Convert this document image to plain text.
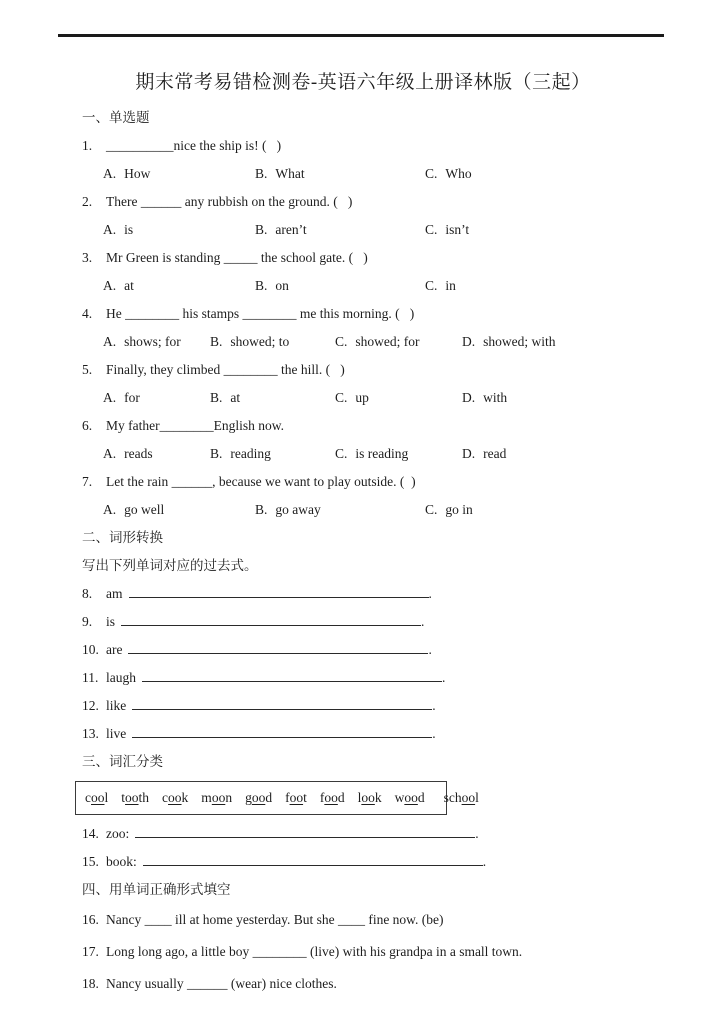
期末常考易错检测卷-英语六年级上册译林版（三起）
一、单选题
1. __________nice the ship is! (   )
A. How	B. What	C. Who
2. There ______ any rubbish on the ground. (   )
A. is	B. aren’t	C. isn’t
3. Mr Green is standing _____ the school gate. (   )
A. at	B. on	C. in
4. He ________ his stamps ________ me this morning. (   )
A. shows; for	B. showed; to	C. showed; for	D. showed; with
5. Finally, they climbed ________ the hill. (   )
A. for	B. at	C. up	D. with
6. My father________English now.
A. reads	B. reading	C. is reading	D. read
7. Let the rain ______, because we want to play outside. (  )
A. go well	B. go away	C. go in
二、词形转换
写出下列单词对应的过去式。
8. am	.
9. is	.
10. are	.
11. laugh	.
12. like	.
13. live	.
三、词汇分类
cool tooth cook moon good foot food look wood school
14. zoo:	.
15. book:	.
四、用单词正确形式填空
16. Nancy ____ ill at home yesterday. But she ____ fine now. (be)
17. Long long ago, a little boy ________ (live) with his grandpa in a small town.
18. Nancy usually ______ (wear) nice clothes.
